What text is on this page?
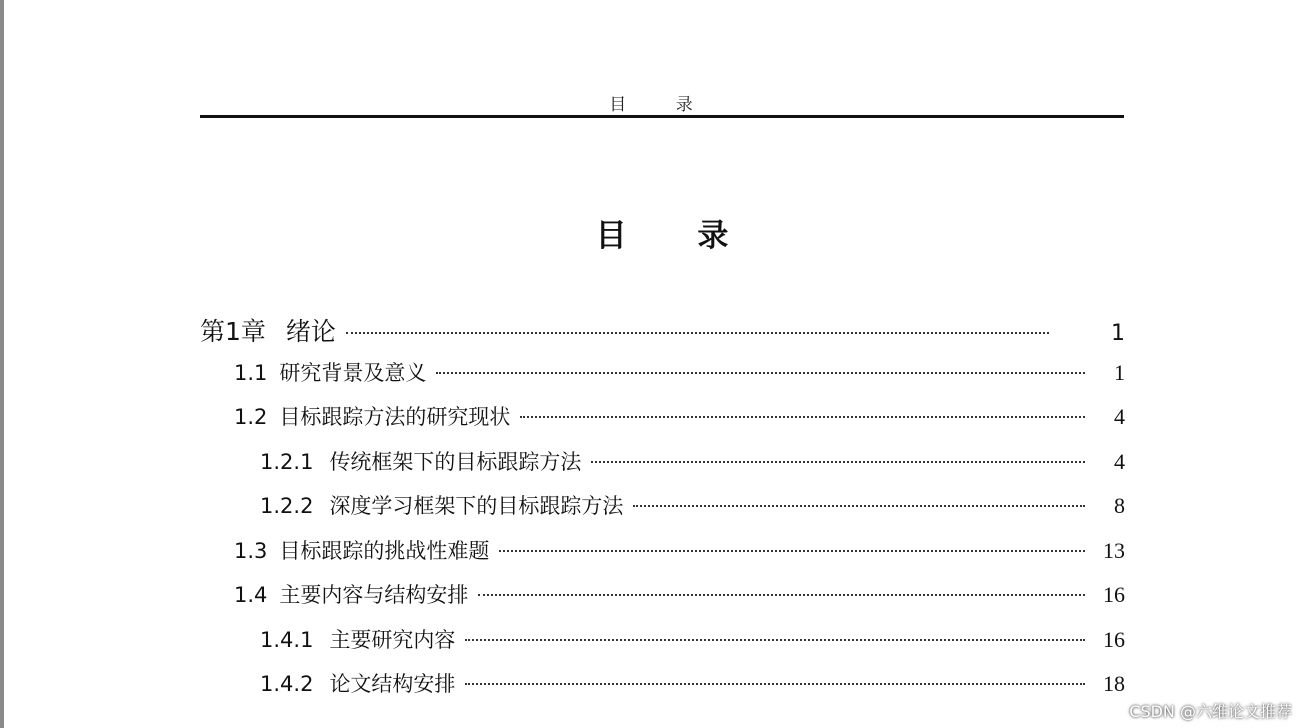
目 录
目 录
第1章 绪论	1
1.1 研究背景及意义	1
1.2 目标跟踪方法的研究现状	4
1.2.1 传统框架下的目标跟踪方法	4
1.2.2 深度学习框架下的目标跟踪方法	8
1.3 目标跟踪的挑战性难题	13
1.4 主要内容与结构安排	16
1.4.1 主要研究内容	16
1.4.2 论文结构安排	18
CSDN @六维论文推荐
